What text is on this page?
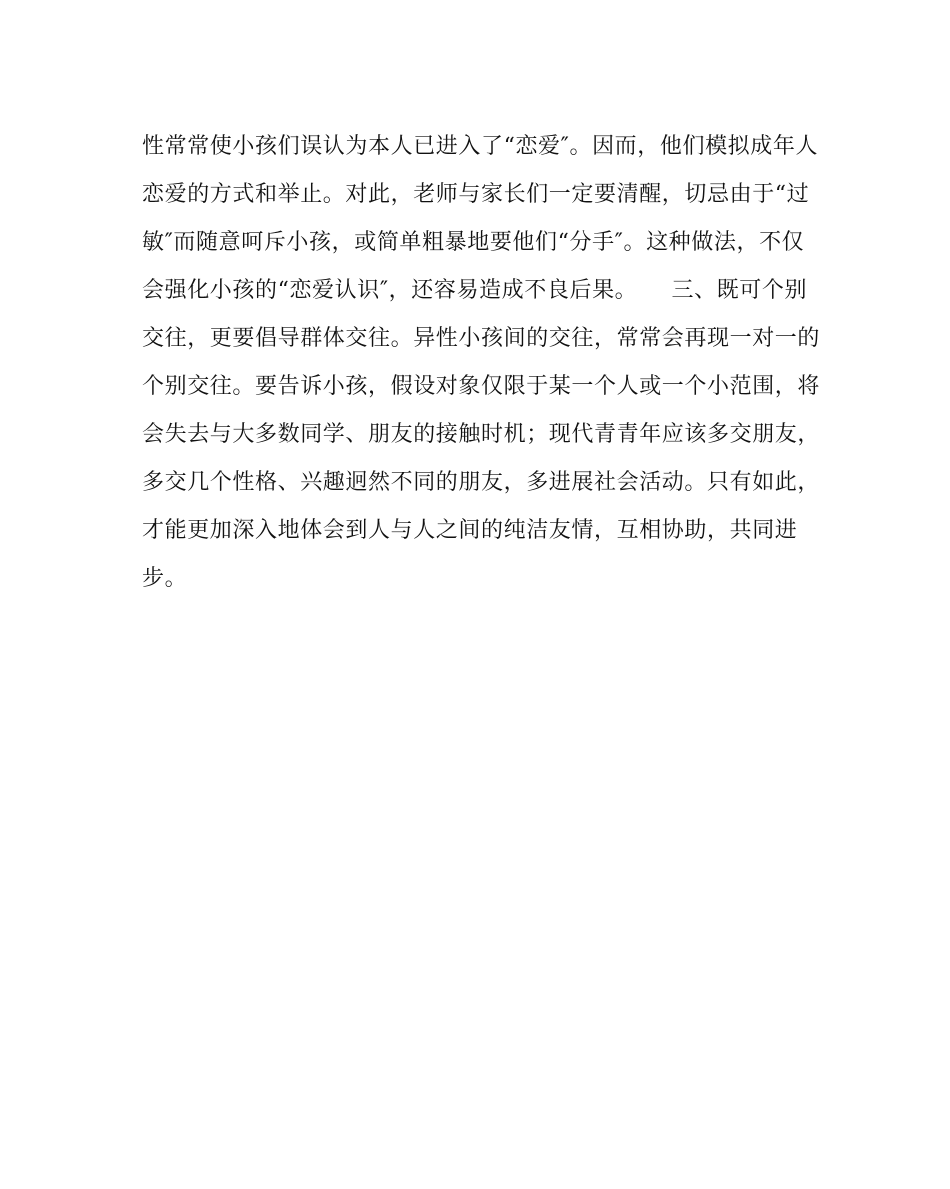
性常常使小孩们误认为本人已进入了“恋爱″。因而，他们模拟成年人
恋爱的方式和举止。对此，老师与家长们一定要清醒，切忌由于“过
敏″而随意呵斥小孩，或简单粗暴地要他们“分手″。这种做法，不仅
会强化小孩的“恋爱认识″，还容易造成不良后果。　　三、既可个别
交往，更要倡导群体交往。异性小孩间的交往，常常会再现一对一的
个别交往。要告诉小孩，假设对象仅限于某一个人或一个小范围，将
会失去与大多数同学、朋友的接触时机；现代青青年应该多交朋友，
多交几个性格、兴趣迥然不同的朋友，多进展社会活动。只有如此，
才能更加深入地体会到人与人之间的纯洁友情，互相协助，共同进
步。
